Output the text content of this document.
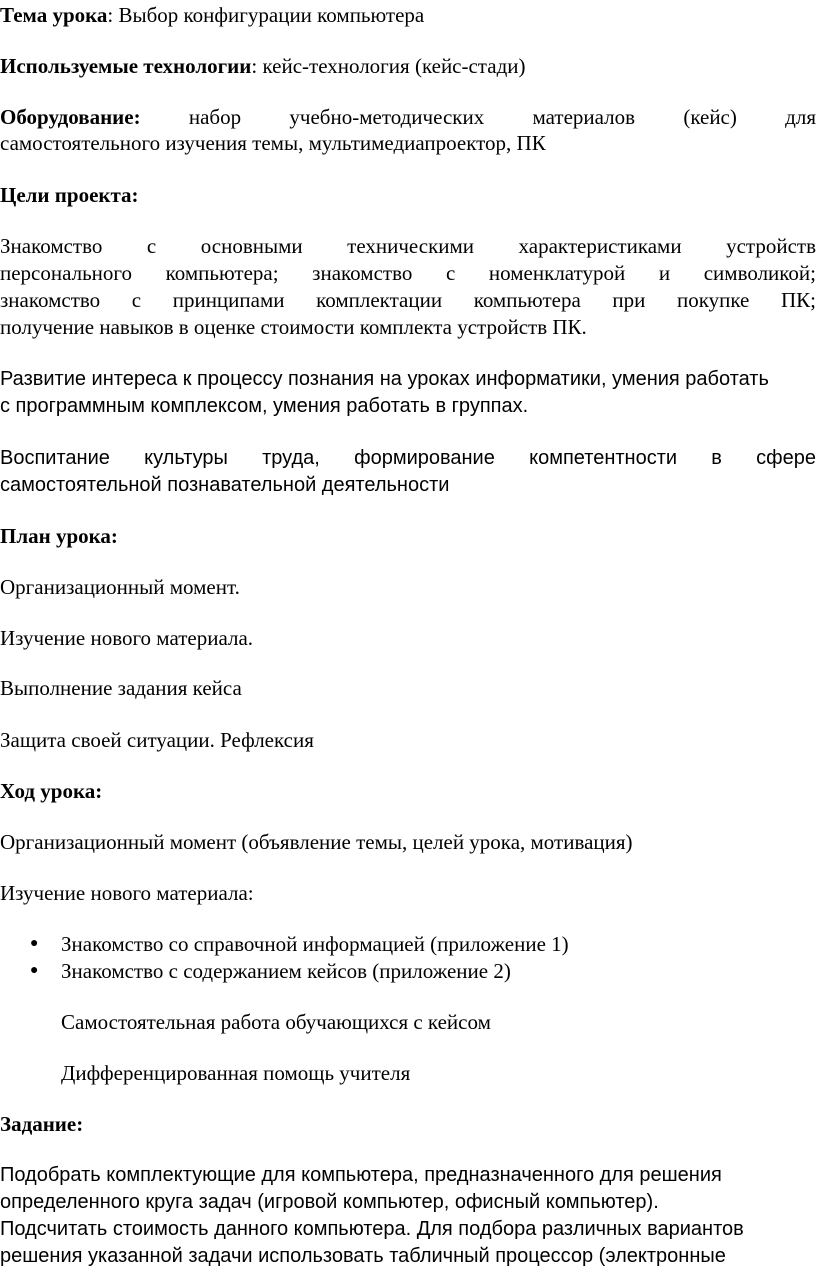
Тема урока: Выбор конфигурации компьютера
Используемые технологии: кейс-технология (кейс-стади)
Оборудование: набор учебно-методических материалов (кейс) для
самостоятельного изучения темы, мультимедиапроектор, ПК
Цели проекта:
Знакомство с основными техническими характеристиками устройств
персонального компьютера; знакомство с номенклатурой и символикой;
знакомство с принципами комплектации компьютера при покупке ПК;
получение навыков в оценке стоимости комплекта устройств ПК.
Развитие интереса к процессу познания на уроках информатики, умения работать
с программным комплексом, умения работать в группах.
Воспитание культуры труда, формирование компетентности в сфере
самостоятельной познавательной деятельности
План урока:
Организационный момент.
Изучение нового материала.
Выполнение задания кейса
Защита своей ситуации. Рефлексия
Ход урока:
Организационный момент (объявление темы, целей урока, мотивация)
Изучение нового материала:
● Знакомство со справочной информацией (приложение 1)
● Знакомство с содержанием кейсов (приложение 2)
Самостоятельная работа обучающихся с кейсом
Дифференцированная помощь учителя
Задание:
Подобрать комплектующие для компьютера, предназначенного для решения
определенного круга задач (игровой компьютер, офисный компьютер).
Подсчитать стоимость данного компьютера. Для подбора различных вариантов
решения указанной задачи использовать табличный процессор (электронные
